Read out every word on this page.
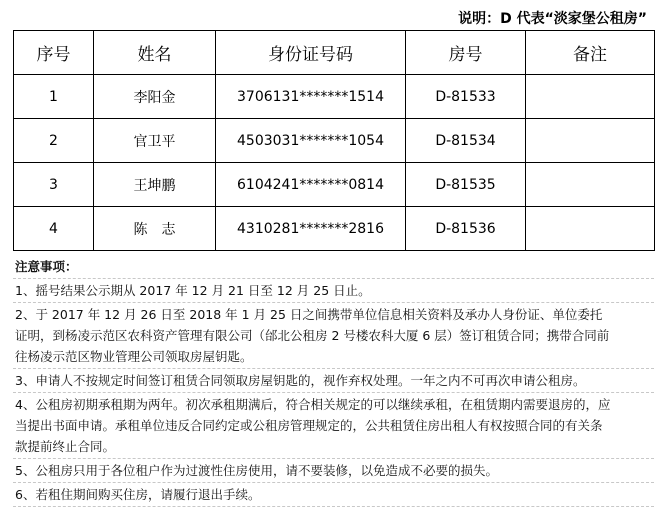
说明：D 代表“淡家堡公租房”
序号	姓名	身份证号码	房号	备注
1	李阳金	3706131*******1514	D-81533	
2	官卫平	4503031*******1054	D-81534	
3	王坤鹏	6104241*******0814	D-81535	
4	陈　志	4310281*******2816	D-81536	
注意事项：
1、摇号结果公示期从 2017 年 12 月 21 日至 12 月 25 日止。
2、于 2017 年 12 月 26 日至 2018 年 1 月 25 日之间携带单位信息相关资料及承办人身份证、单位委托
证明，到杨凌示范区农科资产管理有限公司（邰北公租房 2 号楼农科大厦 6 层）签订租赁合同；携带合同前
往杨凌示范区物业管理公司领取房屋钥匙。
3、申请人不按规定时间签订租赁合同领取房屋钥匙的，视作弃权处理。一年之内不可再次申请公租房。
4、公租房初期承租期为两年。初次承租期满后，符合相关规定的可以继续承租，在租赁期内需要退房的，应
当提出书面申请。承租单位违反合同约定或公租房管理规定的，公共租赁住房出租人有权按照合同的有关条
款提前终止合同。
5、公租房只用于各位租户作为过渡性住房使用，请不要装修，以免造成不必要的损失。
6、若租住期间购买住房，请履行退出手续。
